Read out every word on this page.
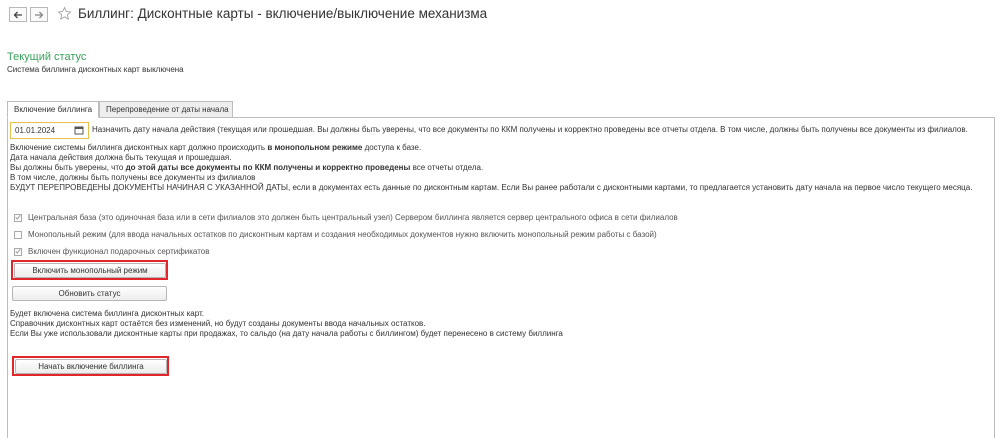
Биллинг: Дисконтные карты - включение/выключение механизма
Текущий статус
Система биллинга дисконтных карт выключена
Включение биллинга	Перепроведение от даты начала
01.01.2024	Назначить дату начала действия (текущая или прошедшая. Вы должны быть уверены, что все документы по ККМ получены и корректно проведены все отчеты отдела. В том числе, должны быть получены все документы из филиалов.
Включение системы биллинга дисконтных карт должно происходить в монопольном режиме доступа к базе.
Дата начала действия должна быть текущая и прошедшая.
Вы должны быть уверены, что до этой даты все документы по ККМ получены и корректно проведены все отчеты отдела.
В том числе, должны быть получены все документы из филиалов
БУДУТ ПЕРЕПРОВЕДЕНЫ ДОКУМЕНТЫ НАЧИНАЯ С УКАЗАННОЙ ДАТЫ, если в документах есть данные по дисконтным картам. Если Вы ранее работали с дисконтными картами, то предлагается установить дату начала на первое число текущего месяца.
Центральная база (это одиночная база или в сети филиалов это должен быть центральный узел) Сервером биллинга является сервер центрального офиса в сети филиалов
Монопольный режим (для ввода начальных остатков по дисконтным картам и создания необходимых документов нужно включить монопольный режим работы с базой)
Включен функционал подарочных сертификатов
Включить монопольный режим
Обновить статус
Будет включена система биллинга дисконтных карт.
Справочник дисконтных карт остаётся без изменений, но будут созданы документы ввода начальных остатков.
Если Вы уже использовали дисконтные карты при продажах, то сальдо (на дату начала работы с биллингом) будет перенесено в систему биллинга
Начать включение биллинга
